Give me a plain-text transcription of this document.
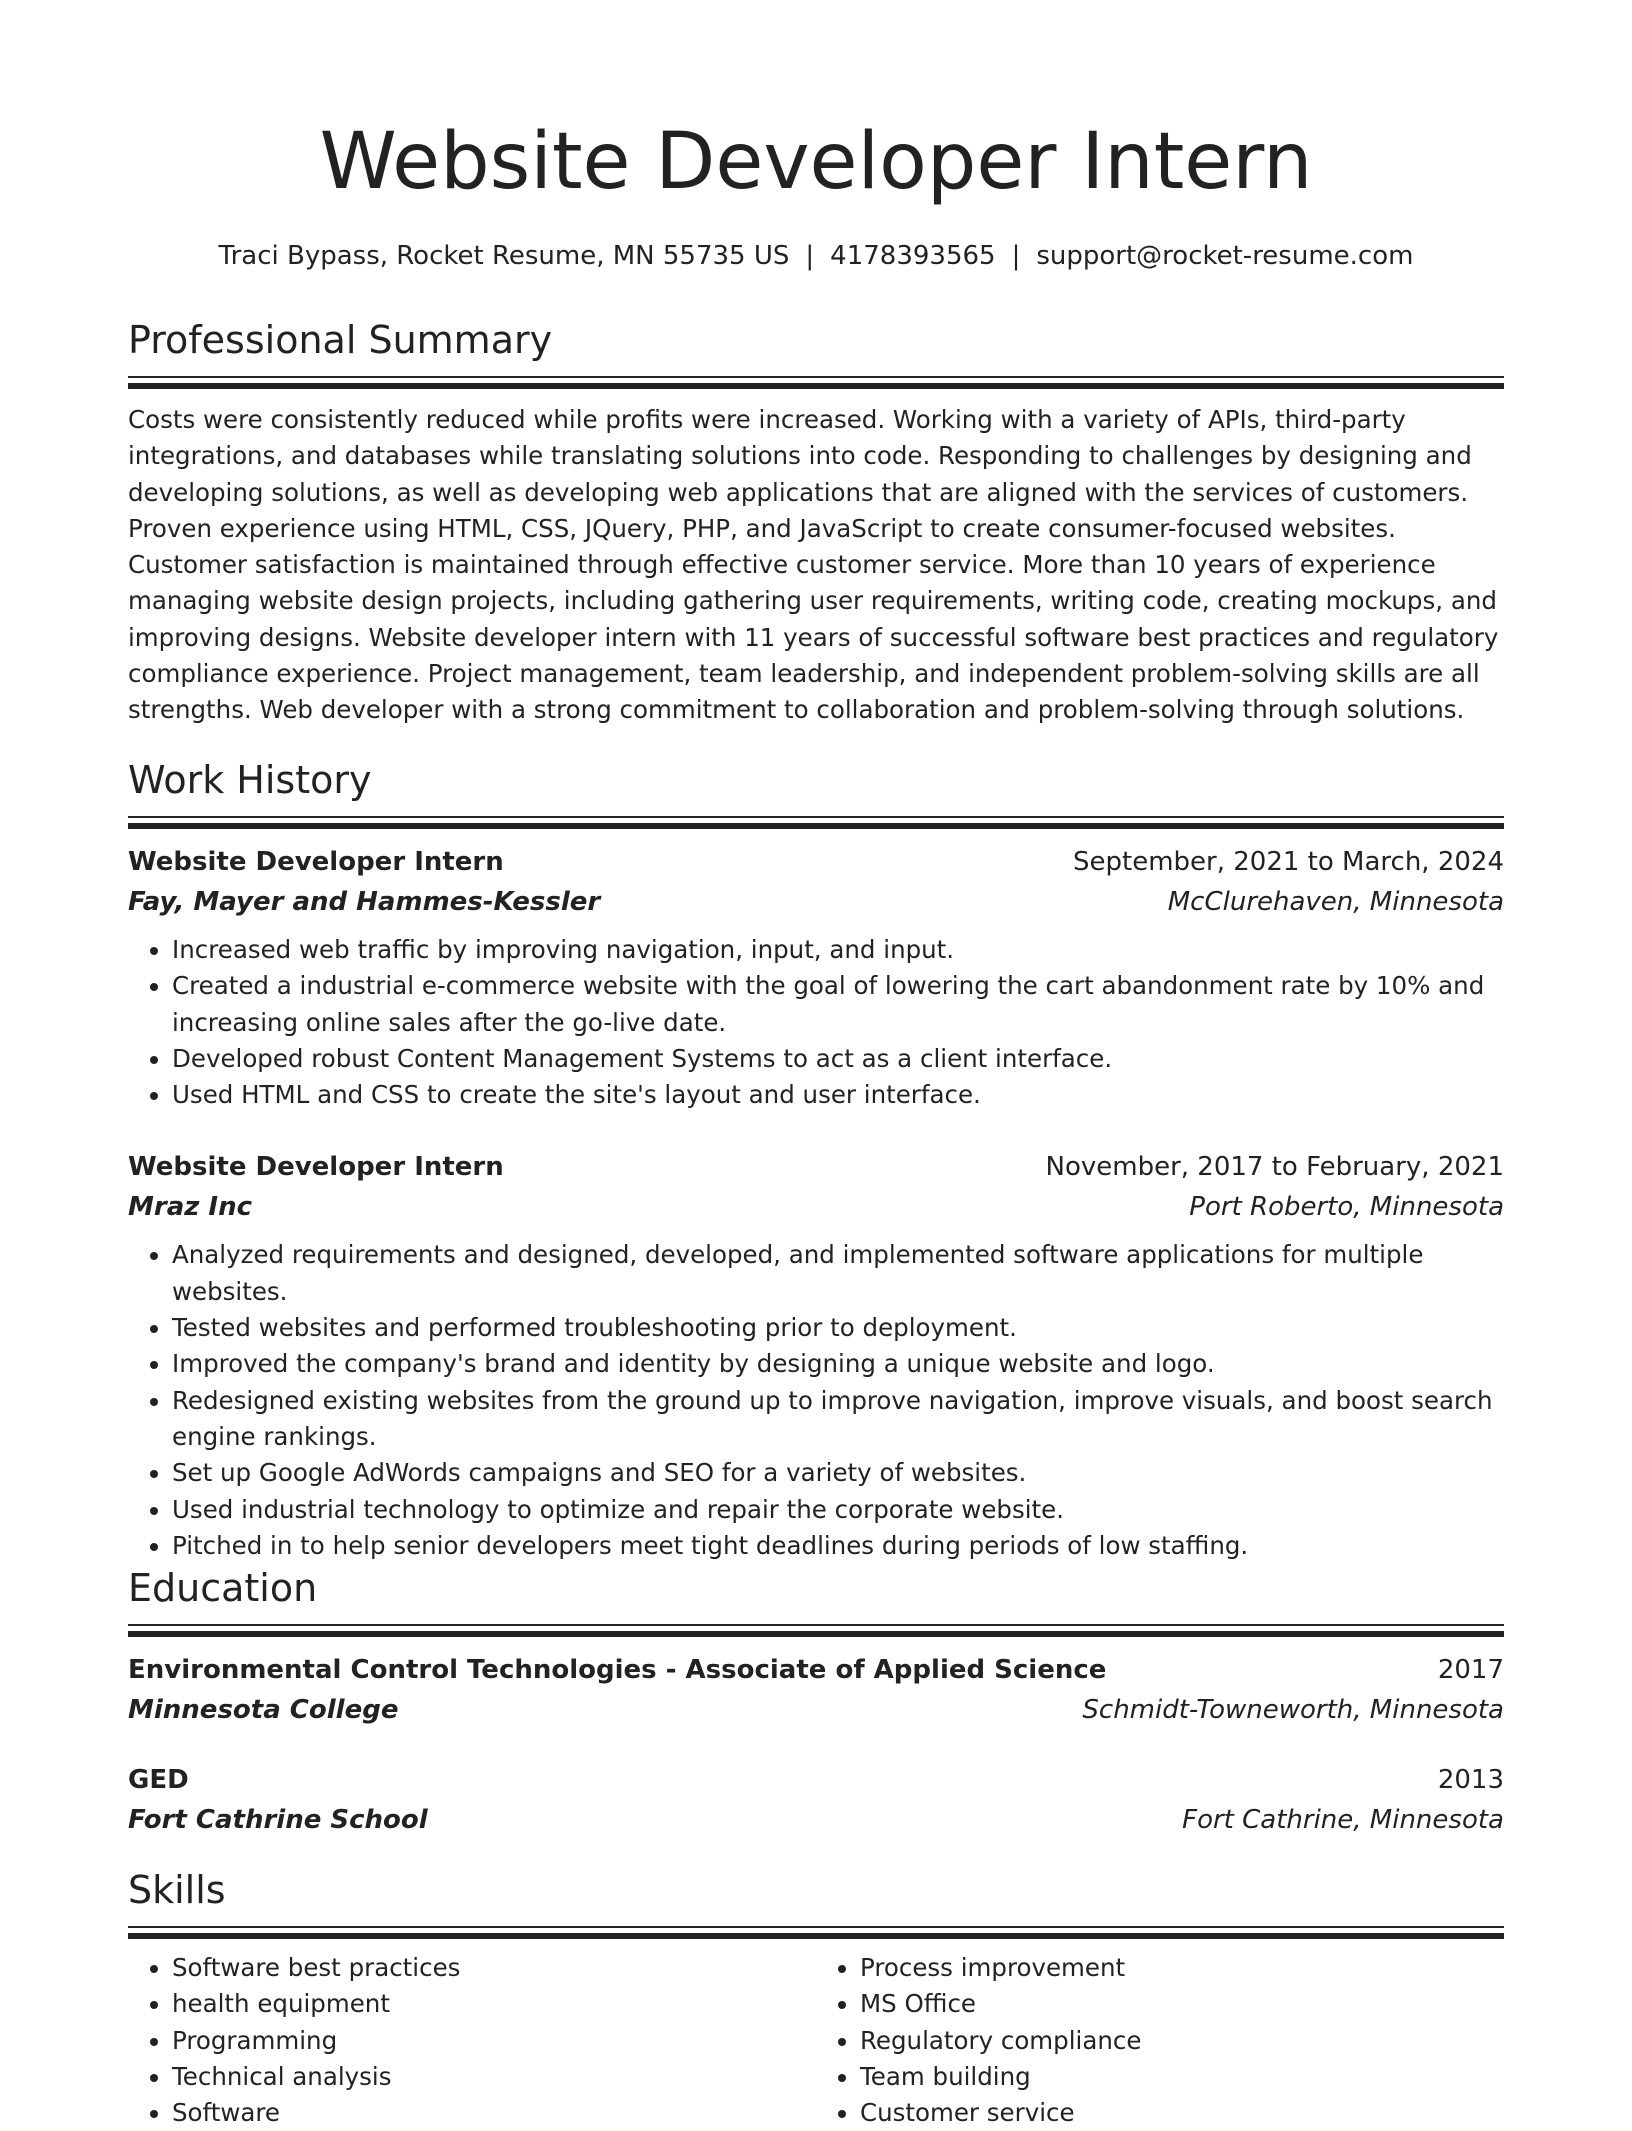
Website Developer Intern
Traci Bypass, Rocket Resume, MN 55735 US | 4178393565 | support@rocket-resume.com
Professional Summary

Costs were consistently reduced while profits were increased. Working with a variety of APIs, third-party integrations, and databases while translating solutions into code. Responding to challenges by designing and developing solutions, as well as developing web applications that are aligned with the services of customers. Proven experience using HTML, CSS, JQuery, PHP, and JavaScript to create consumer-focused websites. Customer satisfaction is maintained through effective customer service. More than 10 years of experience managing website design projects, including gathering user requirements, writing code, creating mockups, and improving designs. Website developer intern with 11 years of successful software best practices and regulatory compliance experience. Project management, team leadership, and independent problem-solving skills are all strengths. Web developer with a strong commitment to collaboration and problem-solving through solutions.

Work History
Website Developer Intern	September, 2021 to March, 2024
Fay, Mayer and Hammes-Kessler	McClurehaven, Minnesota
• Increased web traffic by improving navigation, input, and input.
• Created a industrial e-commerce website with the goal of lowering the cart abandonment rate by 10% and increasing online sales after the go-live date.
• Developed robust Content Management Systems to act as a client interface.
• Used HTML and CSS to create the site's layout and user interface.
Website Developer Intern	November, 2017 to February, 2021
Mraz Inc	Port Roberto, Minnesota
• Analyzed requirements and designed, developed, and implemented software applications for multiple websites.
• Tested websites and performed troubleshooting prior to deployment.
• Improved the company's brand and identity by designing a unique website and logo.
• Redesigned existing websites from the ground up to improve navigation, improve visuals, and boost search engine rankings.
• Set up Google AdWords campaigns and SEO for a variety of websites.
• Used industrial technology to optimize and repair the corporate website.
• Pitched in to help senior developers meet tight deadlines during periods of low staffing.
Education
Environmental Control Technologies - Associate of Applied Science	2017
Minnesota College	Schmidt-Towneworth, Minnesota
GED	2013
Fort Cathrine School	Fort Cathrine, Minnesota
Skills
• Software best practices
• health equipment
• Programming
• Technical analysis
• Software
• Process improvement
• MS Office
• Regulatory compliance
• Team building
• Customer service
